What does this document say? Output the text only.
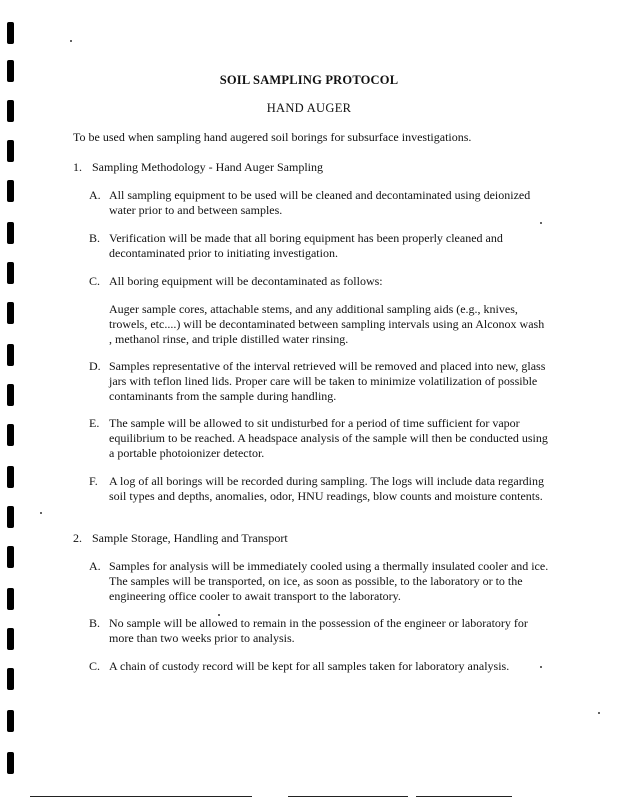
SOIL SAMPLING PROTOCOL
HAND AUGER
To be used when sampling hand augered soil borings for subsurface investigations.
1. Sampling Methodology - Hand Auger Sampling
A. All sampling equipment to be used will be cleaned and decontaminated using deionized water prior to and between samples.
B. Verification will be made that all boring equipment has been properly cleaned and decontaminated prior to initiating investigation.
C. All boring equipment will be decontaminated as follows:
Auger sample cores, attachable stems, and any additional sampling aids (e.g., knives, trowels, etc....) will be decontaminated between sampling intervals using an Alconox wash , methanol rinse, and triple distilled water rinsing.
D. Samples representative of the interval retrieved will be removed and placed into new, glass jars with teflon lined lids. Proper care will be taken to minimize volatilization of possible contaminants from the sample during handling.
E. The sample will be allowed to sit undisturbed for a period of time sufficient for vapor equilibrium to be reached. A headspace analysis of the sample will then be conducted using a portable photoionizer detector.
F. A log of all borings will be recorded during sampling. The logs will include data regarding soil types and depths, anomalies, odor, HNU readings, blow counts and moisture contents.
2. Sample Storage, Handling and Transport
A. Samples for analysis will be immediately cooled using a thermally insulated cooler and ice. The samples will be transported, on ice, as soon as possible, to the laboratory or to the engineering office cooler to await transport to the laboratory.
B. No sample will be allowed to remain in the possession of the engineer or laboratory for more than two weeks prior to analysis.
C. A chain of custody record will be kept for all samples taken for laboratory analysis.
